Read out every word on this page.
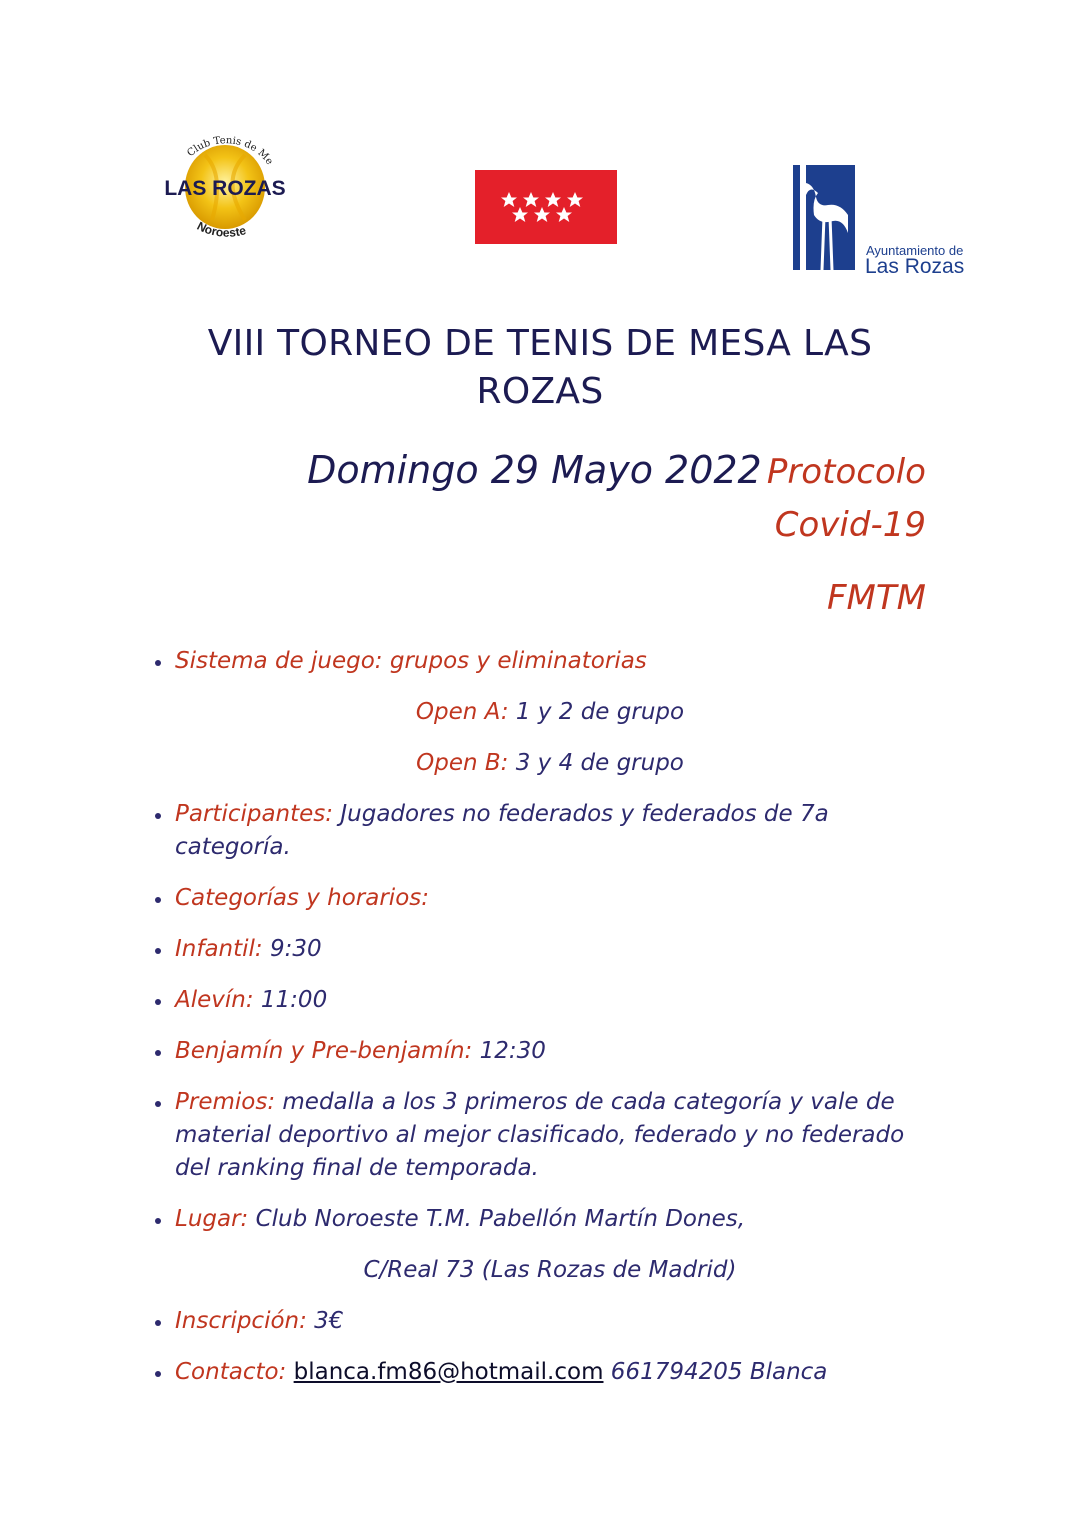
Club Tenis de Me
LAS ROZAS
Noroeste
Ayuntamiento de
Las Rozas
VIII TORNEO DE TENIS DE MESA LAS
ROZAS
Domingo 29 Mayo 2022 Protocolo
Covid-19
FMTM
Sistema de juego: grupos y eliminatorias
Open A: 1 y 2 de grupo
Open B: 3 y 4 de grupo
Participantes: Jugadores no federados y federados de 7a categoría.
Categorías y horarios:
Infantil: 9:30
Alevín: 11:00
Benjamín y Pre-benjamín: 12:30
Premios: medalla a los 3 primeros de cada categoría y vale de material deportivo al mejor clasificado, federado y no federado del ranking final de temporada.
Lugar: Club Noroeste T.M. Pabellón Martín Dones,
C/Real 73 (Las Rozas de Madrid)
Inscripción: 3€
Contacto: blanca.fm86@hotmail.com 661794205 Blanca
